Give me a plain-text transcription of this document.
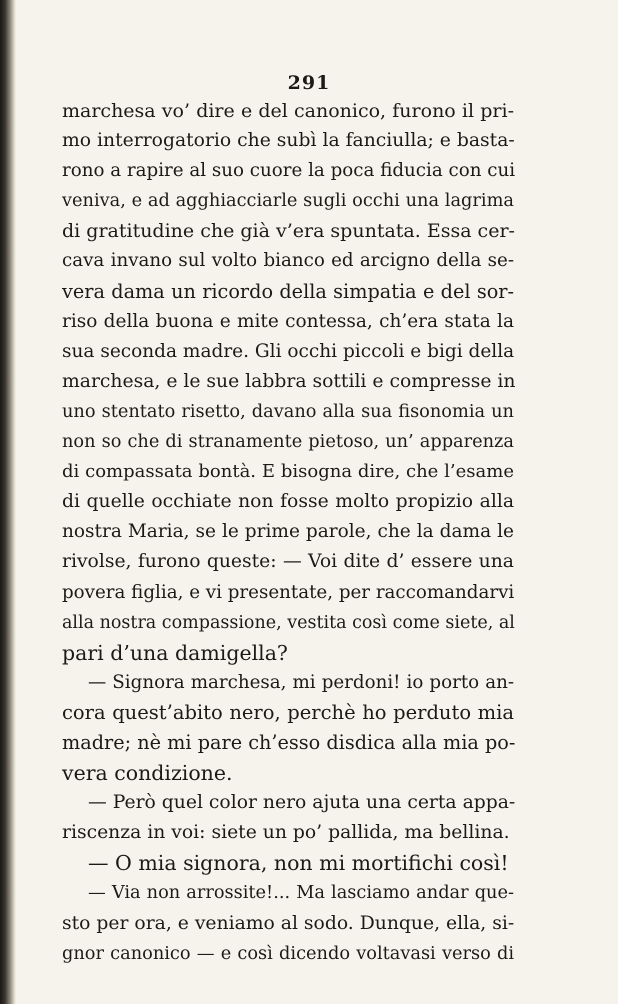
291
marchesa vo’ dire e del canonico, furono il pri-
mo interrogatorio che subì la fanciulla; e basta-
rono a rapire al suo cuore la poca fiducia con cui
veniva, e ad agghiacciarle sugli occhi una lagrima
di gratitudine che già v’era spuntata. Essa cer-
cava invano sul volto bianco ed arcigno della se-
vera dama un ricordo della simpatia e del sor-
riso della buona e mite contessa, ch’era stata la
sua seconda madre. Gli occhi piccoli e bigi della
marchesa, e le sue labbra sottili e compresse in
uno stentato risetto, davano alla sua fisonomia un
non so che di stranamente pietoso, un’ apparenza
di compassata bontà. E bisogna dire, che l’esame
di quelle occhiate non fosse molto propizio alla
nostra Maria, se le prime parole, che la dama le
rivolse, furono queste: — Voi dite d’ essere una
povera figlia, e vi presentate, per raccomandarvi
alla nostra compassione, vestita così come siete, al
pari d’una damigella?
— Signora marchesa, mi perdoni! io porto an-
cora quest’abito nero, perchè ho perduto mia
madre; nè mi pare ch’esso disdica alla mia po-
vera condizione.
— Però quel color nero ajuta una certa appa-
riscenza in voi: siete un po’ pallida, ma bellina.
— O mia signora, non mi mortifichi così!
— Via non arrossite!... Ma lasciamo andar que-
sto per ora, e veniamo al sodo. Dunque, ella, si-
gnor canonico — e così dicendo voltavasi verso di
